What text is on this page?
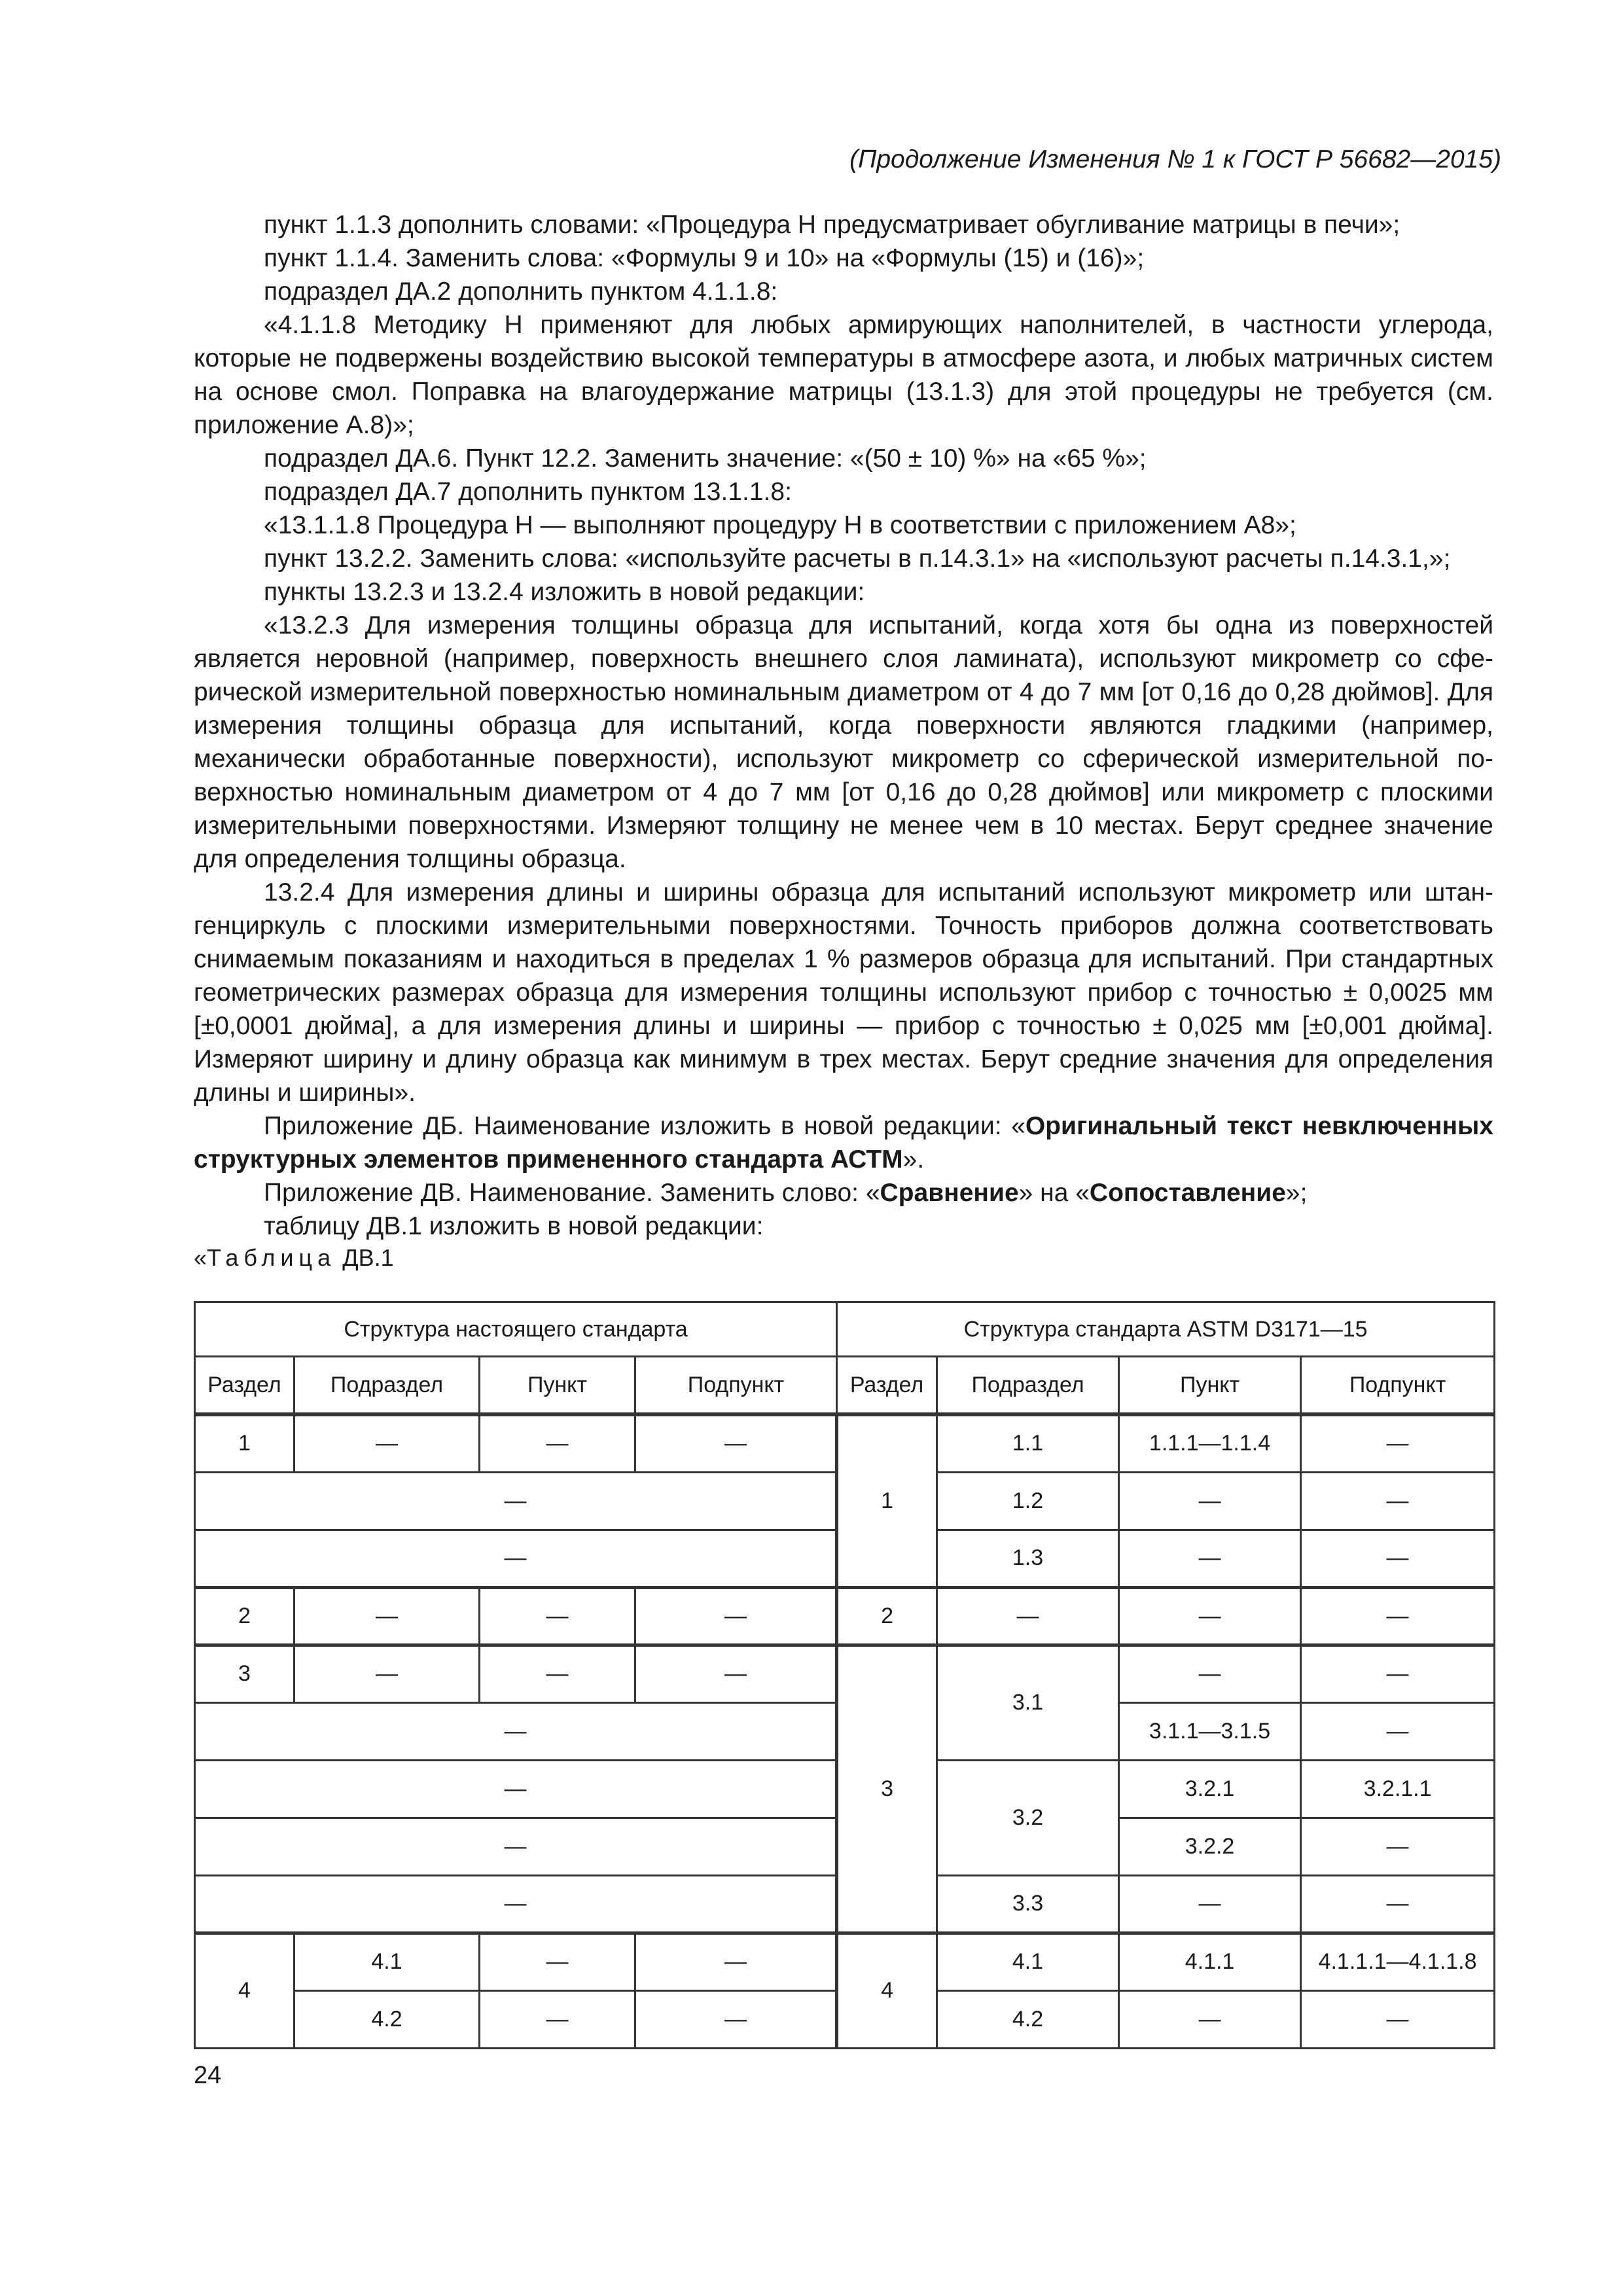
(Продолжение Изменения № 1 к ГОСТ Р 56682—2015)

пункт 1.1.3 дополнить словами: «Процедура Н предусматривает обугливание матрицы в печи»;

пункт 1.1.4. Заменить слова: «Формулы 9 и 10» на «Формулы (15) и (16)»;

подраздел ДА.2 дополнить пунктом 4.1.1.8:

«4.1.1.8 Методику Н применяют для любых армирующих наполнителей, в частности углерода, которые не подвержены воздействию высокой температуры в атмосфере азота, и любых матричных систем на основе смол. Поправка на влагоудержание матрицы (13.1.3) для этой процедуры не требуется (см. приложение А.8)»;

подраздел ДА.6. Пункт 12.2. Заменить значение: «(50 ± 10) %» на «65 %»;

подраздел ДА.7 дополнить пунктом 13.1.1.8:

«13.1.1.8 Процедура Н — выполняют процедуру Н в соответствии с приложением А8»;

пункт 13.2.2. Заменить слова: «используйте расчеты в п.14.3.1» на «используют расчеты п.14.3.1,»;

пункты 13.2.3 и 13.2.4 изложить в новой редакции:

«13.2.3 Для измерения толщины образца для испытаний, когда хотя бы одна из поверхностей является неровной (например, поверхность внешнего слоя ламината), используют микрометр со сферической измерительной поверхностью номинальным диаметром от 4 до 7 мм [от 0,16 до 0,28 дюймов]. Для измерения толщины образца для испытаний, когда поверхности являются гладкими (например, механически обработанные поверхности), используют микрометр со сферической измерительной поверхностью номинальным диаметром от 4 до 7 мм [от 0,16 до 0,28 дюймов] или микрометр с плоскими измерительными поверхностями. Измеряют толщину не менее чем в 10 местах. Берут среднее значение для определения толщины образца.

13.2.4 Для измерения длины и ширины образца для испытаний используют микрометр или штангенциркуль с плоскими измерительными поверхностями. Точность приборов должна соответствовать снимаемым показаниям и находиться в пределах 1 % размеров образца для испытаний. При стандартных геометрических размерах образца для измерения толщины используют прибор с точностью ± 0,0025 мм [±0,0001 дюйма], а для измерения длины и ширины — прибор с точностью ± 0,025 мм [±0,001 дюйма]. Измеряют ширину и длину образца как минимум в трех местах. Берут средние значения для определения длины и ширины».

Приложение ДБ. Наименование изложить в новой редакции: «Оригинальный текст невключенных структурных элементов примененного стандарта АСТМ».

Приложение ДВ. Наименование. Заменить слово: «Сравнение» на «Сопоставление»;

таблицу ДВ.1 изложить в новой редакции:

«Таблица ДВ.1
Структура настоящего стандарта				Структура стандарта ASTM D3171—15			
Раздел	Подраздел	Пункт	Подпункт	Раздел	Подраздел	Пункт	Подпункт
1	—	—	—	1	1.1	1.1.1—1.1.4	—
—					1.2	—	—
—					1.3	—	—
2	—	—	—	2	—	—	—
3	—	—	—	3	3.1	—	—
—						3.1.1—3.1.5	—
—					3.2	3.2.1	3.2.1.1
—						3.2.2	—
—					3.3	—	—
4	4.1	—	—	4	4.1	4.1.1	4.1.1.1—4.1.1.8
	4.2	—	—		4.2	—	—
24
